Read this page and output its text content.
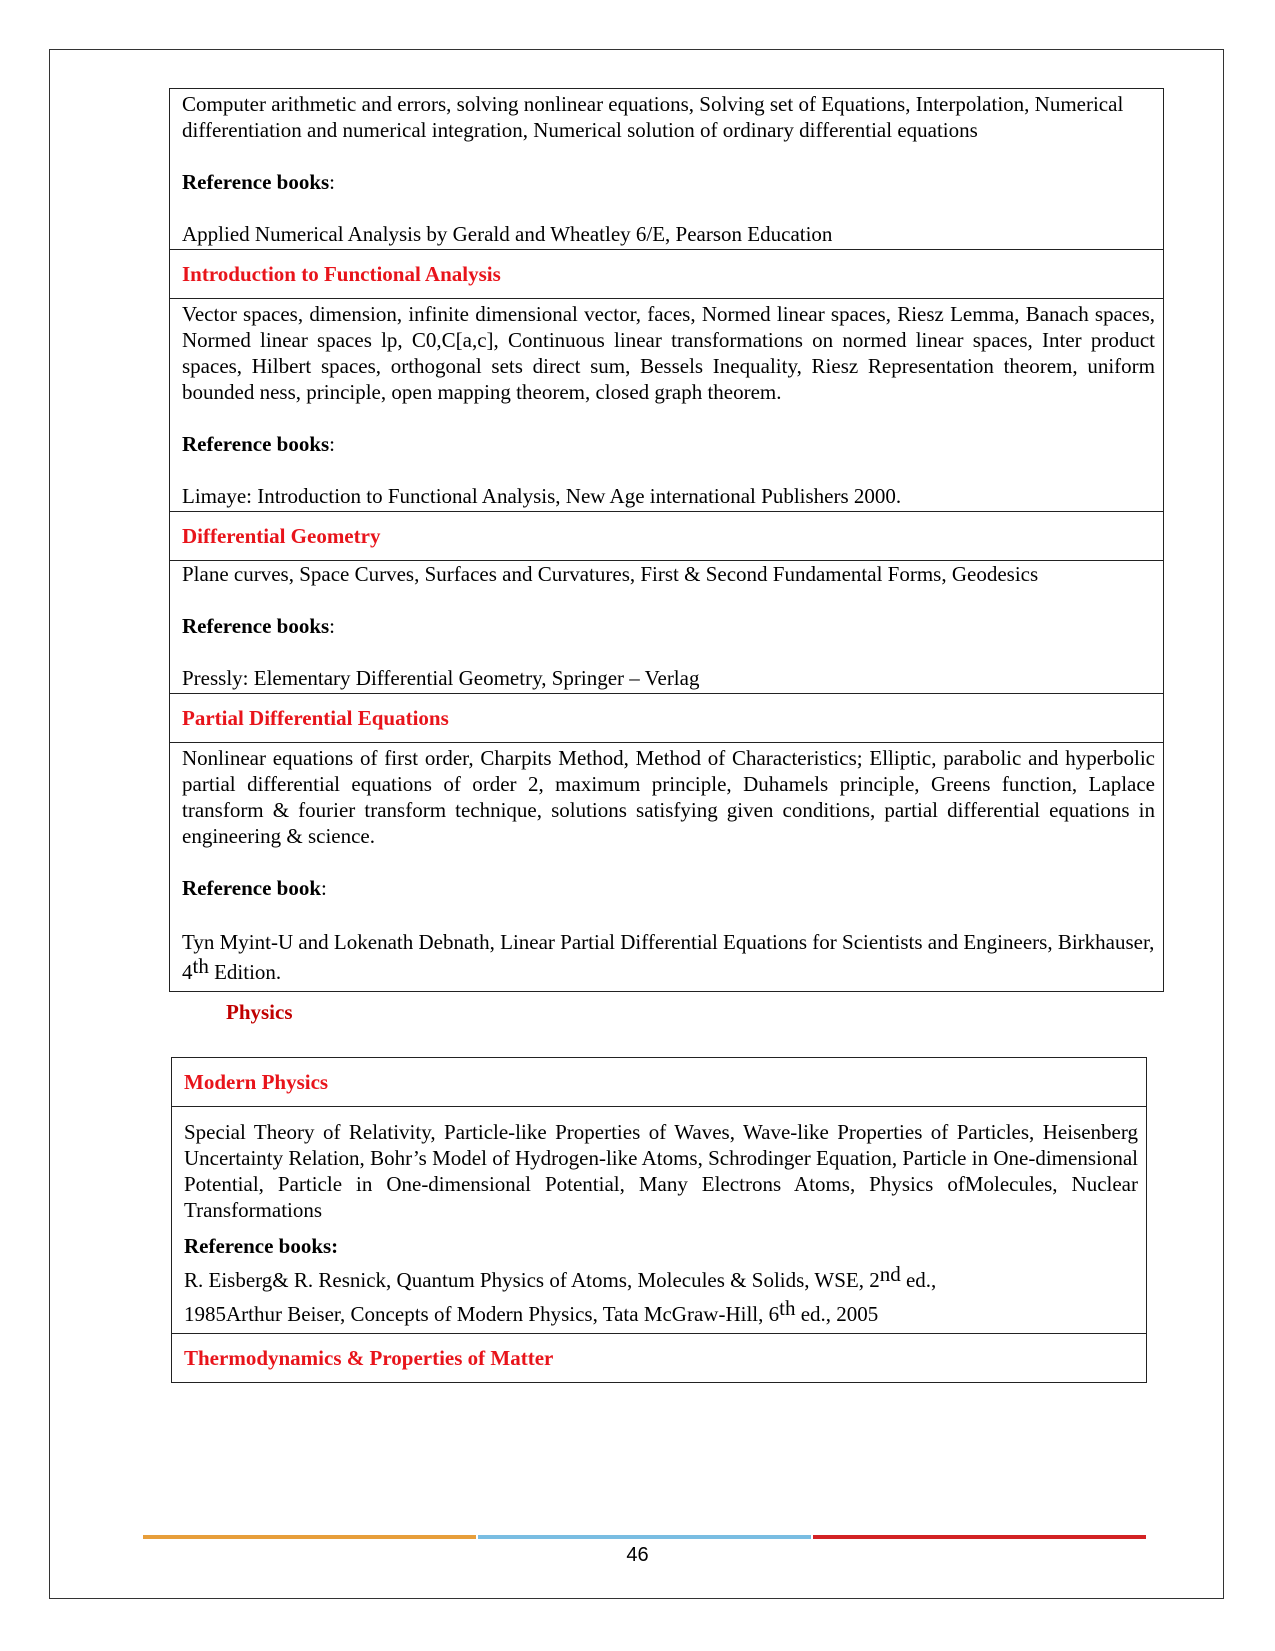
Computer arithmetic and errors, solving nonlinear equations, Solving set of Equations, Interpolation, Numerical differentiation and numerical integration, Numerical solution of ordinary differential equations

Reference books:

Applied Numerical Analysis by Gerald and Wheatley 6/E, Pearson Education

Introduction to Functional Analysis

Vector spaces, dimension, infinite dimensional vector, faces, Normed linear spaces, Riesz Lemma, Banach spaces, Normed linear spaces lp, C0,C[a,c], Continuous linear transformations on normed linear spaces, Inter product spaces, Hilbert spaces, orthogonal sets direct sum, Bessels Inequality, Riesz Representation theorem, uniform bounded ness, principle, open mapping theorem, closed graph theorem.

Reference books:

Limaye: Introduction to Functional Analysis, New Age international Publishers 2000.

Differential Geometry

Plane curves, Space Curves, Surfaces and Curvatures, First & Second Fundamental Forms, Geodesics

Reference books:

Pressly: Elementary Differential Geometry, Springer – Verlag

Partial Differential Equations

Nonlinear equations of first order, Charpits Method, Method of Characteristics; Elliptic, parabolic and hyperbolic partial differential equations of order 2, maximum principle, Duhamels principle, Greens function, Laplace transform & fourier transform technique, solutions satisfying given conditions, partial differential equations in engineering & science.

Reference book:

Tyn Myint-U and Lokenath Debnath, Linear Partial Differential Equations for Scientists and Engineers, Birkhauser, 4th Edition.

Physics
Modern Physics

Special Theory of Relativity, Particle-like Properties of Waves, Wave-like Properties of Particles, Heisenberg Uncertainty Relation, Bohr’s Model of Hydrogen-like Atoms, Schrodinger Equation, Particle in One-dimensional Potential, Particle in One-dimensional Potential, Many Electrons Atoms, Physics ofMolecules, Nuclear Transformations

Reference books:

R. Eisberg& R. Resnick, Quantum Physics of Atoms, Molecules & Solids, WSE, 2nd ed.,

1985Arthur Beiser, Concepts of Modern Physics, Tata McGraw-Hill, 6th ed., 2005

Thermodynamics & Properties of Matter
46
